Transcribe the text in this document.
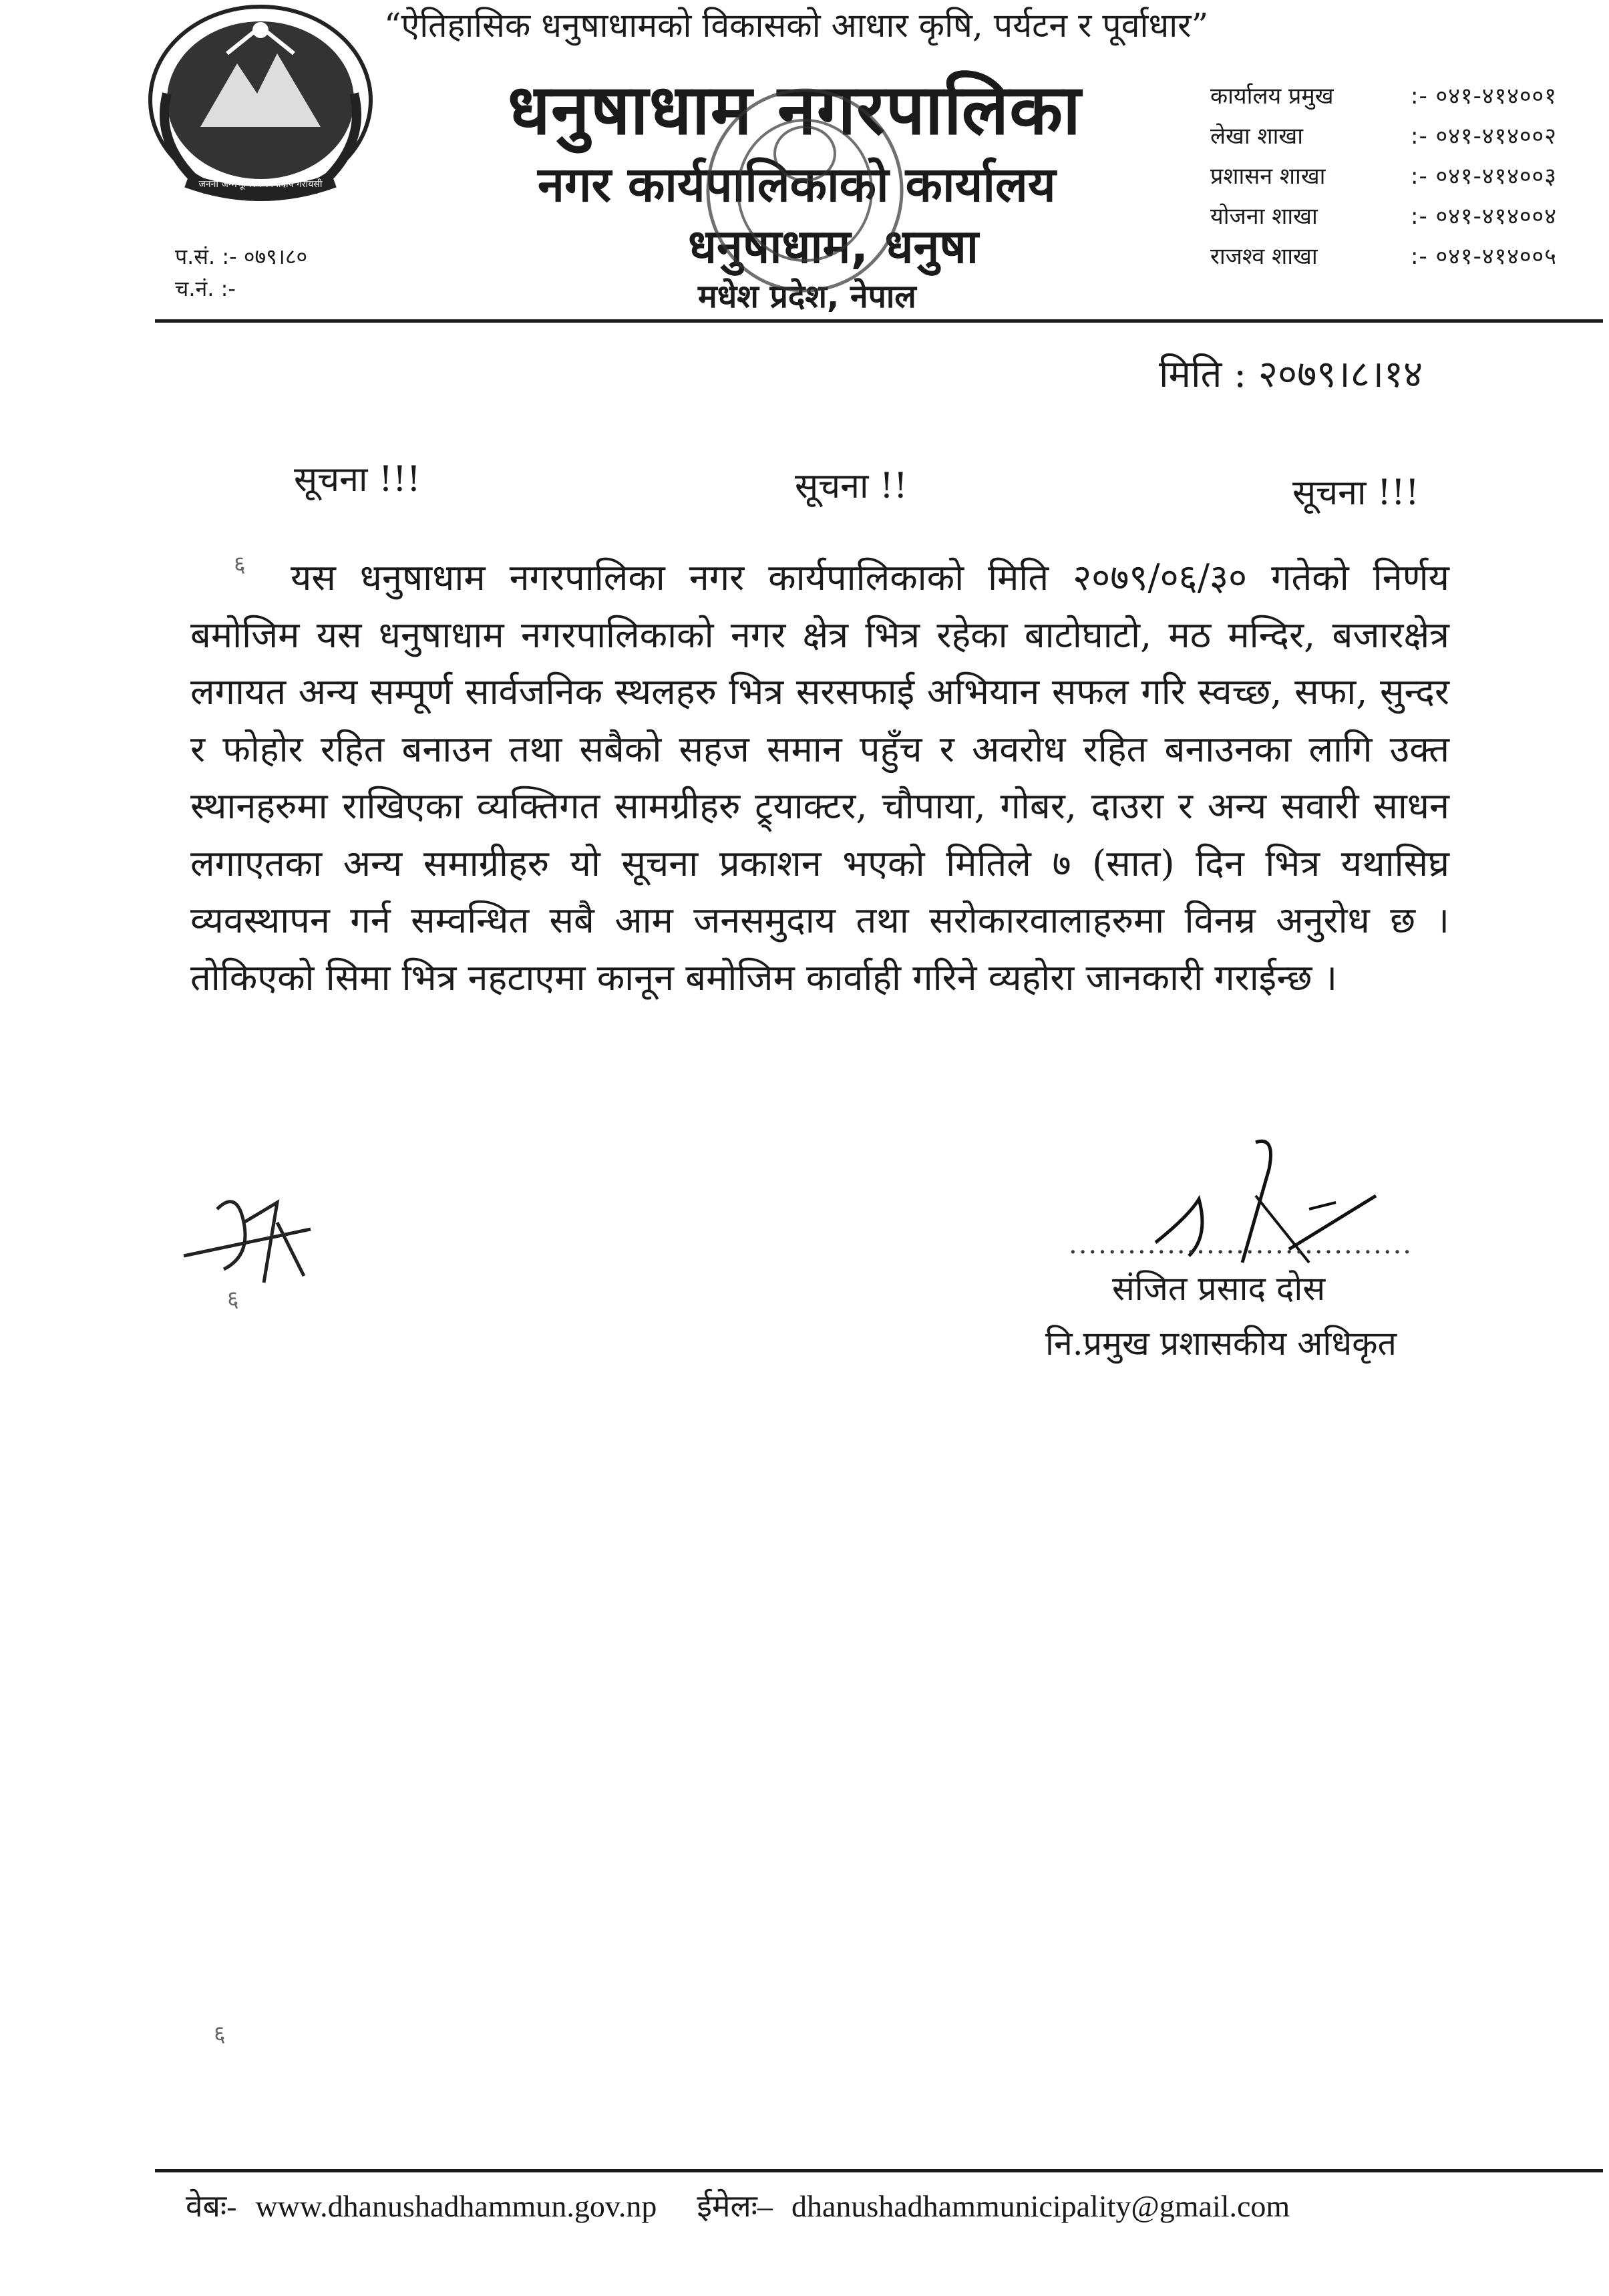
जननी जन्मभूमिश्च स्वर्गादपि गरीयसी
“ऐतिहासिक धनुषाधामको विकासको आधार कृषि, पर्यटन र पूर्वाधार”
धनुषाधाम नगरपालिका
नगर कार्यपालिकाको कार्यालय
धनुषाधाम, धनुषा
मधेश प्रदेश, नेपाल
प.सं. :- ०७९।८०
च.नं. :-
कार्यालय प्रमुख	:- ०४१-४१४००१
लेखा शाखा	:- ०४१-४१४००२
प्रशासन शाखा	:- ०४१-४१४००३
योजना शाखा	:- ०४१-४१४००४
राजश्व शाखा	:- ०४१-४१४००५
मिति : २०७९।८।१४
सूचना !!!	सूचना !!	सूचना !!!
६	यस धनुषाधाम नगरपालिका नगर कार्यपालिकाको मिति २०७९/०६/३० गतेको निर्णय बमोजिम यस धनुषाधाम नगरपालिकाको नगर क्षेत्र भित्र रहेका बाटोघाटो, मठ मन्दिर, बजारक्षेत्र लगायत अन्य सम्पूर्ण सार्वजनिक स्थलहरु भित्र सरसफाई अभियान सफल गरि स्वच्छ, सफा, सुन्दर र फोहोर रहित बनाउन तथा सबैको सहज समान पहुँच र अवरोध रहित बनाउनका लागि उक्त स्थानहरुमा राखिएका व्यक्तिगत सामग्रीहरु ट्र्याक्टर, चौपाया, गोबर, दाउरा र अन्य सवारी साधन लगाएतका अन्य समाग्रीहरु यो सूचना प्रकाशन भएको मितिले ७ (सात) दिन भित्र यथासिघ्र व्यवस्थापन गर्न सम्वन्धित सबै आम जनसमुदाय तथा सरोकारवालाहरुमा विनम्र अनुरोध छ । तोकिएको सिमा भित्र नहटाएमा कानून बमोजिम कार्वाही गरिने व्यहोरा जानकारी गराईन्छ ।
६
...................................
संजित प्रसाद दोस
नि.प्रमुख प्रशासकीय अधिकृत
६
वेबः- www.dhanushadhammun.gov.np ईमेलः– dhanushadhammunicipality@gmail.com
